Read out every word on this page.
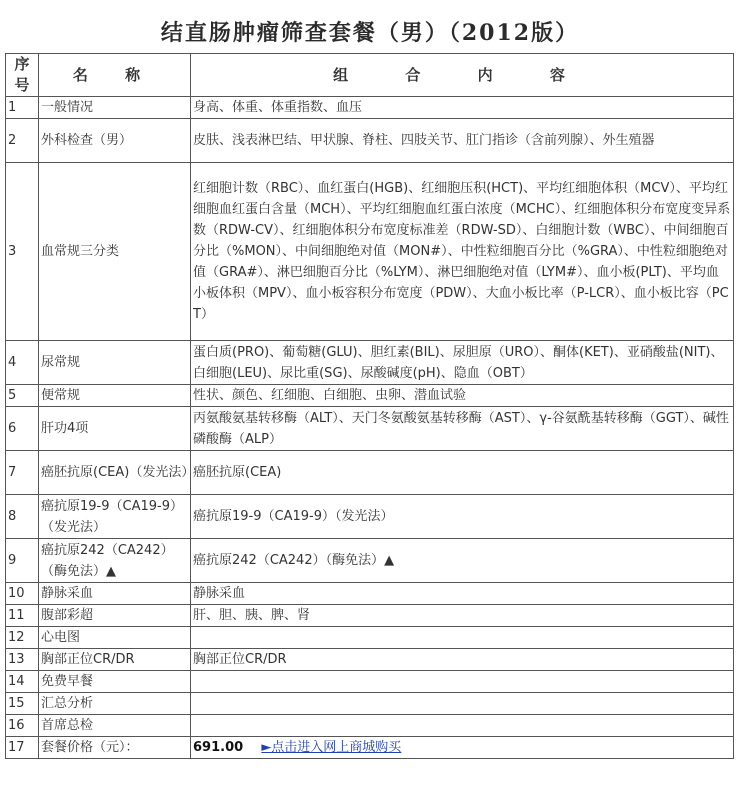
结直肠肿瘤筛查套餐（男）（2012版）
序号	名 称	组 合 内 容
1	一般情况	身高、体重、体重指数、血压
2	外科检查（男）	皮肤、浅表淋巴结、甲状腺、脊柱、四肢关节、肛门指诊（含前列腺）、外生殖器
3	血常规三分类	红细胞计数（RBC）、血红蛋白(HGB)、红细胞压积(HCT)、平均红细胞体积（MCV）、平均红细胞血红蛋白含量（MCH）、平均红细胞血红蛋白浓度（MCHC）、红细胞体积分布宽度变异系数（RDW-CV）、红细胞体积分布宽度标准差（RDW-SD）、白细胞计数（WBC）、中间细胞百分比（%MON）、中间细胞绝对值（MON#）、中性粒细胞百分比（%GRA）、中性粒细胞绝对值（GRA#）、淋巴细胞百分比（%LYM）、淋巴细胞绝对值（LYM#）、血小板(PLT)、平均血小板体积（MPV）、血小板容积分布宽度（PDW）、大血小板比率（P-LCR）、血小板比容（PCT）
4	尿常规	蛋白质(PRO)、葡萄糖(GLU)、胆红素(BIL)、尿胆原（URO）、酮体(KET)、亚硝酸盐(NIT)、白细胞(LEU)、尿比重(SG)、尿酸碱度(pH)、隐血（OBT）
5	便常规	性状、颜色、红细胞、白细胞、虫卵、潜血试验
6	肝功4项	丙氨酸氨基转移酶（ALT）、天门冬氨酸氨基转移酶（AST）、γ-谷氨酰基转移酶（GGT）、碱性磷酸酶（ALP）
7	癌胚抗原(CEA)（发光法）	癌胚抗原(CEA)
8	癌抗原19-9（CA19-9）（发光法）	癌抗原19-9（CA19-9）（发光法）
9	癌抗原242（CA242）（酶免法）▲	癌抗原242（CA242）（酶免法）▲
10	静脉采血	静脉采血
11	腹部彩超	肝、胆、胰、脾、肾
12	心电图	
13	胸部正位CR/DR	胸部正位CR/DR
14	免费早餐	
15	汇总分析	
16	首席总检	
17	套餐价格（元）：	691.00 ►点击进入网上商城购买
